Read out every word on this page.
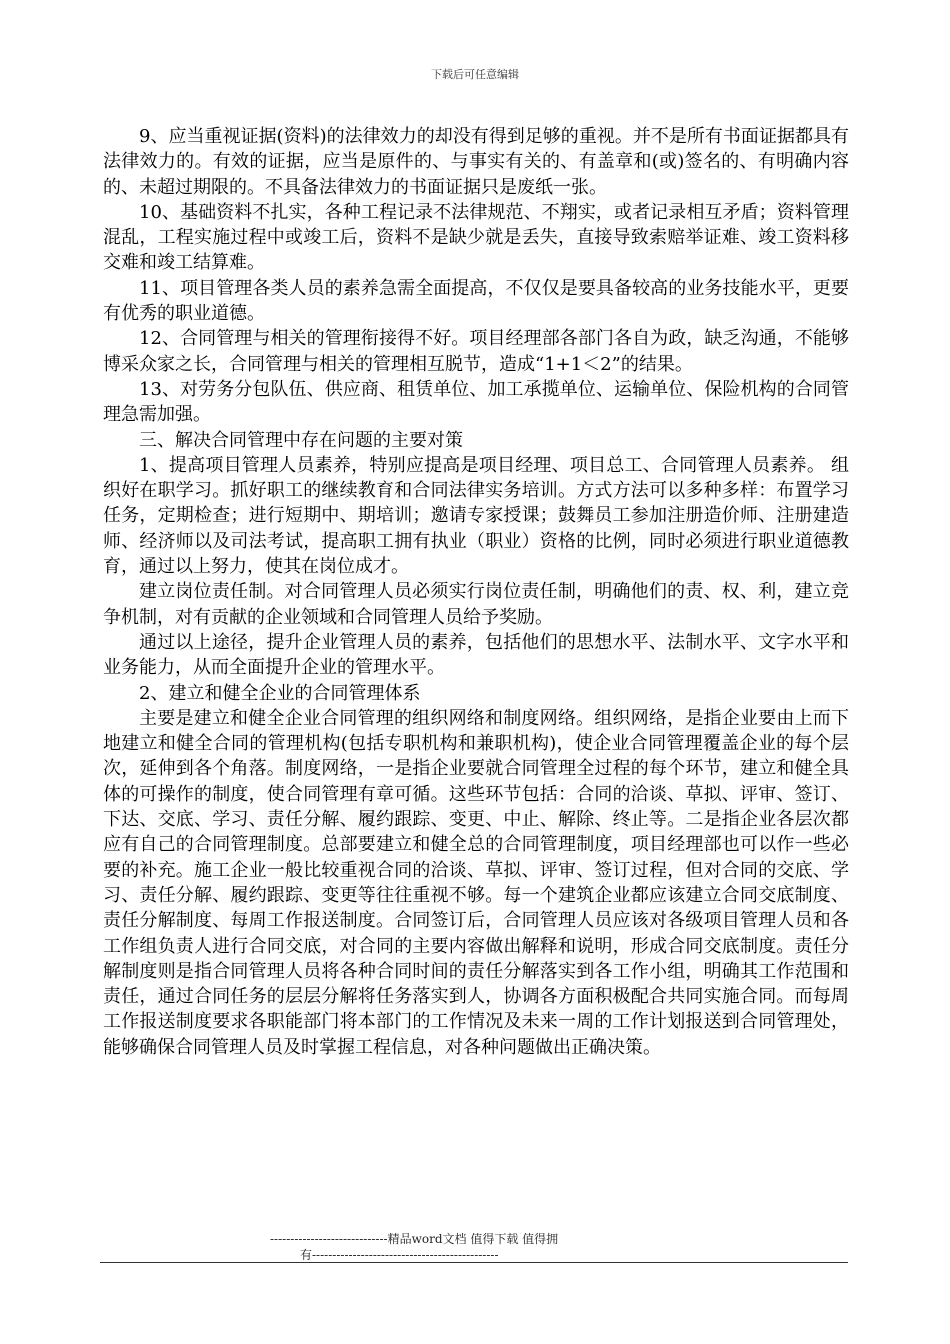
下载后可任意编辑

9、应当重视证据(资料)的法律效力的却没有得到足够的重视。并不是所有书面证据都具有法律效力的。有效的证据，应当是原件的、与事实有关的、有盖章和(或)签名的、有明确内容的、未超过期限的。不具备法律效力的书面证据只是废纸一张。

10、基础资料不扎实，各种工程记录不法律规范、不翔实，或者记录相互矛盾；资料管理混乱，工程实施过程中或竣工后，资料不是缺少就是丢失，直接导致索赔举证难、竣工资料移交难和竣工结算难。

11、项目管理各类人员的素养急需全面提高，不仅仅是要具备较高的业务技能水平，更要有优秀的职业道德。

12、合同管理与相关的管理衔接得不好。项目经理部各部门各自为政，缺乏沟通，不能够博采众家之长，合同管理与相关的管理相互脱节，造成“1+1＜2”的结果。

13、对劳务分包队伍、供应商、租赁单位、加工承揽单位、运输单位、保险机构的合同管理急需加强。

三、解决合同管理中存在问题的主要对策

1、提高项目管理人员素养，特别应提高是项目经理、项目总工、合同管理人员素养。 组织好在职学习。抓好职工的继续教育和合同法律实务培训。方式方法可以多种多样：布置学习任务，定期检查；进行短期中、期培训；邀请专家授课；鼓舞员工参加注册造价师、注册建造师、经济师以及司法考试，提高职工拥有执业（职业）资格的比例，同时必须进行职业道德教育，通过以上努力，使其在岗位成才。

建立岗位责任制。对合同管理人员必须实行岗位责任制，明确他们的责、权、利，建立竞争机制，对有贡献的企业领域和合同管理人员给予奖励。

通过以上途径，提升企业管理人员的素养，包括他们的思想水平、法制水平、文字水平和业务能力，从而全面提升企业的管理水平。

2、建立和健全企业的合同管理体系

主要是建立和健全企业合同管理的组织网络和制度网络。组织网络，是指企业要由上而下地建立和健全合同的管理机构(包括专职机构和兼职机构)，使企业合同管理覆盖企业的每个层次，延伸到各个角落。制度网络，一是指企业要就合同管理全过程的每个环节，建立和健全具体的可操作的制度，使合同管理有章可循。这些环节包括：合同的洽谈、草拟、评审、签订、下达、交底、学习、责任分解、履约跟踪、变更、中止、解除、终止等。二是指企业各层次都应有自己的合同管理制度。总部要建立和健全总的合同管理制度，项目经理部也可以作一些必要的补充。施工企业一般比较重视合同的洽谈、草拟、评审、签订过程，但对合同的交底、学习、责任分解、履约跟踪、变更等往往重视不够。每一个建筑企业都应该建立合同交底制度、责任分解制度、每周工作报送制度。合同签订后，合同管理人员应该对各级项目管理人员和各工作组负责人进行合同交底，对合同的主要内容做出解释和说明，形成合同交底制度。责任分解制度则是指合同管理人员将各种合同时间的责任分解落实到各工作小组，明确其工作范围和责任，通过合同任务的层层分解将任务落实到人，协调各方面积极配合共同实施合同。而每周工作报送制度要求各职能部门将本部门的工作情况及未来一周的工作计划报送到合同管理处，能够确保合同管理人员及时掌握工程信息，对各种问题做出正确决策。

-----------------------------精品word文档 值得下载 值得拥
有----------------------------------------------
